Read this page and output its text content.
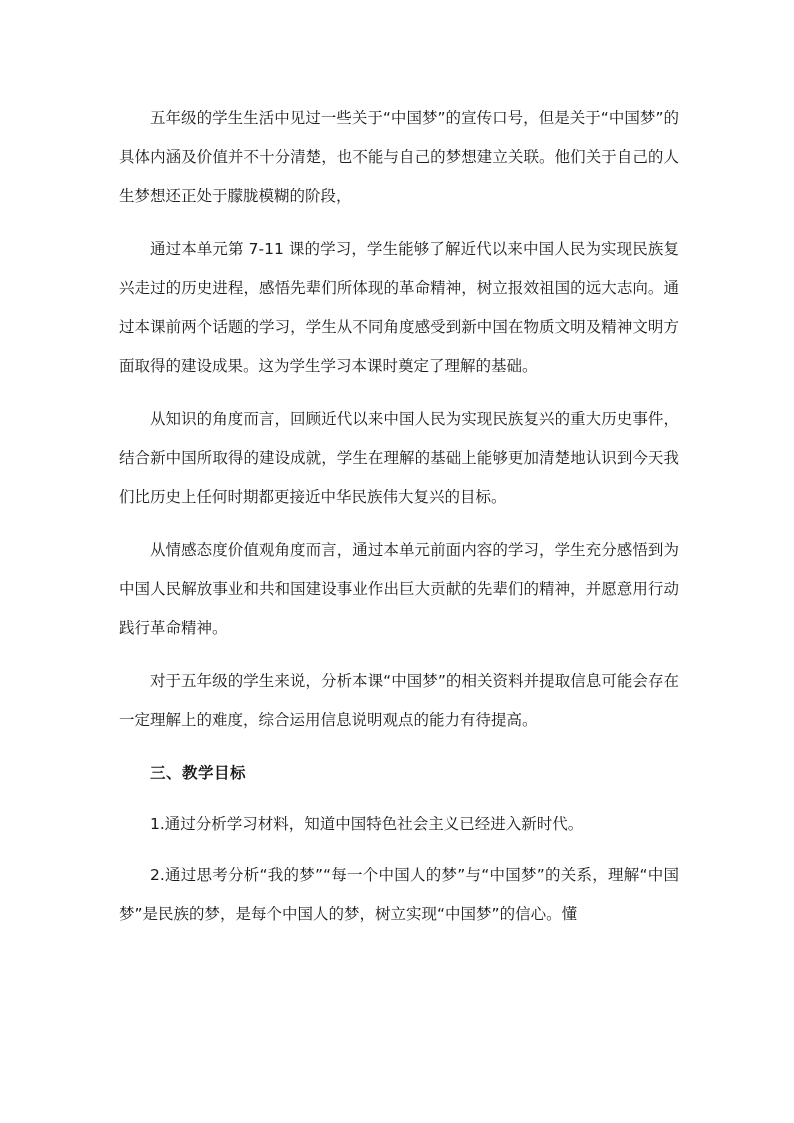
五年级的学生生活中见过一些关于“中国梦”的宣传口号，但是关于“中国梦”的具体内涵及价值并不十分清楚，也不能与自己的梦想建立关联。他们关于自己的人生梦想还正处于朦胧模糊的阶段，

通过本单元第 7-11 课的学习，学生能够了解近代以来中国人民为实现民族复兴走过的历史进程，感悟先辈们所体现的革命精神，树立报效祖国的远大志向。通过本课前两个话题的学习，学生从不同角度感受到新中国在物质文明及精神文明方面取得的建设成果。这为学生学习本课时奠定了理解的基础。

从知识的角度而言，回顾近代以来中国人民为实现民族复兴的重大历史事件，结合新中国所取得的建设成就，学生在理解的基础上能够更加清楚地认识到今天我们比历史上任何时期都更接近中华民族伟大复兴的目标。

从情感态度价值观角度而言，通过本单元前面内容的学习，学生充分感悟到为中国人民解放事业和共和国建设事业作出巨大贡献的先辈们的精神，并愿意用行动践行革命精神。

对于五年级的学生来说，分析本课“中国梦”的相关资料并提取信息可能会存在一定理解上的难度，综合运用信息说明观点的能力有待提高。

三、教学目标

1.通过分析学习材料，知道中国特色社会主义已经进入新时代。

2.通过思考分析“我的梦”“每一个中国人的梦”与“中国梦”的关系，理解“中国梦”是民族的梦，是每个中国人的梦，树立实现“中国梦”的信心。懂
